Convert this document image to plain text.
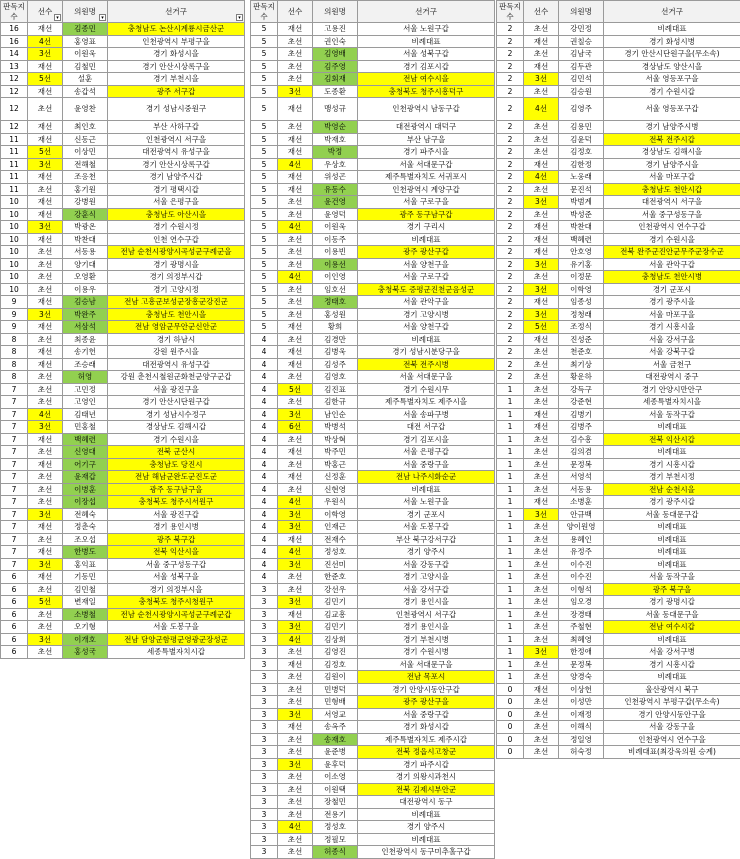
판독지수	선수
▾	의원명
▾	선거구
▾

16	재선	김종민	충청남도 논산시계룡시금산군
16	4선	홍영표	인천광역시 부평구을
14	3선	이원욱	경기 화성시을
13	재선	김철민	경기 안산시상록구을
12	5선	설훈	경기 부천시을
12	재선	송갑석	광주 서구갑
12	초선	윤영찬	경기 성남시중원구
12	재선	최인호	부산 사하구갑
11	재선	신동근	인천광역시 서구을
11	5선	이상민	대전광역시 유성구을
11	3선	전해철	경기 안산시상록구갑
11	재선	조응천	경기 남양주시갑
11	초선	홍기원	경기 평택시갑
10	재선	강병원	서울 은평구을
10	재선	강훈식	충청남도 아산시을
10	3선	박광온	경기 수원시정
10	재선	박찬대	인천 연수구갑
10	초선	서동용	전남 순천시광양시곡성군구례군을
10	초선	양기대	경기 광명시을
10	초선	오영환	경기 의정부시갑
10	초선	이용우	경기 고양시정
9	재선	김승남	전남 고흥군보성군장흥군강진군
9	3선	박완주	충청남도 천안시을
9	재선	서삼석	전남 영암군무안군신안군
8	초선	최종윤	경기 하남시
8	재선	송기헌	강원 원주시을
8	재선	조승래	대전광역시 유성구갑
8	초선	허영	강원 춘천시철원군화천군양구군갑
7	초선	고민정	서울 광진구을
7	초선	고영인	경기 안산시단원구갑
7	4선	김태년	경기 성남시수정구
7	3선	민홍철	경상남도 김해시갑
7	재선	백혜련	경기 수원시을
7	초선	신영대	전북 군산시
7	재선	어기구	충청남도 당진시
7	초선	윤재갑	전남 해남군완도군진도군
7	초선	이병훈	광주 동구남구을
7	초선	이장섭	충청북도 청주시서원구
7	3선	전혜숙	서울 광진구갑
7	재선	정춘숙	경기 용인시병
7	초선	조오섭	광주 북구갑
7	재선	한병도	전북 익산시을
7	3선	홍익표	서울 중구성동구갑
6	재선	기동민	서울 성북구을
6	초선	김민철	경기 의정부시을
6	5선	변재일	충청북도 청주시청원구
6	초선	소병철	전남 순천시광양시곡성군구례군갑
6	초선	오기형	서울 도봉구을
6	3선	이개호	전남 담양군함평군영광군장성군
6	초선	홍성국	세종특별자치시갑
판독지수	선수	의원명	선거구
5	재선	고용진	서울 노원구갑
5	초선	권인숙	비례대표
5	초선	김영배	서울 성북구갑
5	초선	김주영	경기 김포시갑
5	초선	김회재	전남 여수시을
5	3선	도종환	충청북도 청주시흥덕구
5	재선	맹성규	인천광역시 남동구갑
5	초선	박영순	대전광역시 대덕구
5	재선	박재호	부산 남구을
5	재선	박정	경기 파주시을
5	4선	우상호	서울 서대문구갑
5	재선	위성곤	제주특별자치도 서귀포시
5	재선	유동수	인천광역시 계양구갑
5	초선	윤건영	서울 구로구을
5	초선	윤영덕	광주 동구남구갑
5	4선	이원욱	경기 구리시
5	초선	이동주	비례대표
5	초선	이용빈	광주 광산구갑
5	초선	이용선	서울 양천구을
5	4선	이인영	서울 구로구갑
5	초선	임호선	충청북도 증평군진천군음성군
5	초선	정태호	서울 관악구을
5	초선	홍성원	경기 고양시병
5	재선	황희	서울 양천구갑
4	초선	김경만	비례대표
4	재선	김병욱	경기 성남시분당구을
4	재선	김성주	전북 전주시병
4	초선	김영호	서울 서대문구을
4	5선	김진표	경기 수원시무
4	초선	김한규	제주특별자치도 제주시을
4	3선	남인순	서울 송파구병
4	6선	박병석	대전 서구갑
4	초선	박상혁	경기 김포시을
4	재선	박주민	서울 은평구갑
4	초선	박홍근	서울 중랑구을
4	재선	신정훈	전남 나주시화순군
4	초선	신현영	비례대표
4	4선	우원식	서울 노원구을
4	3선	이학영	경기 군포시
4	3선	인재근	서울 도봉구갑
4	재선	전재수	부산 북구강서구갑
4	4선	정성호	경기 양주시
4	3선	진선미	서울 강동구갑
4	초선	한준호	경기 고양시을
3	초선	강선우	서울 강서구갑
3	3선	김민기	경기 용인시을
3	재선	김교흥	인천광역시 서구갑
3	3선	김민기	경기 용인시을
3	4선	김상희	경기 부천시병
3	초선	김영진	경기 수원시병
3	재선	김정호	서울 서대문구을
3	초선	김원이	전남 목포시
3	초선	민병덕	경기 안양시동안구갑
3	초선	민형배	광주 광산구을
3	3선	서영교	서울 중랑구갑
3	재선	송옥주	경기 화성시갑
3	초선	송재호	제주특별자치도 제주시갑
3	초선	윤준병	전북 정읍시고창군
3	3선	윤후덕	경기 파주시갑
3	초선	이소영	경기 의왕시과천시
3	초선	이원택	전북 김제시부안군
3	초선	장철민	대전광역시 동구
3	초선	전용기	비례대표
3	4선	정성호	경기 양주시
3	초선	정필모	비례대표
3	초선	허종식	인천광역시 동구미추홀구갑
판독지수	선수	의원명	선거구
2	초선	강민정	비례대표
2	재선	권칠승	경기 화성시병
2	초선	김남국	경기 안산시단원구을(무소속)
2	재선	김두관	경상남도 양산시을
2	3선	김민석	서울 영등포구을
2	초선	김승원	경기 수원시갑
2	4선	김영주	서울 영등포구갑
2	초선	김용민	경기 남양주시병
2	초선	김윤덕	전북 전주시갑
2	초선	김정호	경상남도 김해시을
2	재선	김한정	경기 남양주시을
2	4선	노웅래	서울 마포구갑
2	초선	문진석	충청남도 천안시갑
2	3선	박범계	대전광역시 서구을
2	초선	박성준	서울 중구성동구을
2	재선	박찬대	인천광역시 연수구갑
2	재선	백혜련	경기 수원시을
2	재선	안호영	전북 완주군진안군무주군장수군
2	3선	유기홍	서울 관악구갑
2	초선	이정문	충청남도 천안시병
2	3선	이학영	경기 군포시
2	재선	임종성	경기 광주시을
2	3선	정청래	서울 마포구을
2	5선	조정식	경기 시흥시을
2	재선	진성준	서울 강서구을
2	초선	천준호	서울 강북구갑
2	초선	최기상	서울 금천구
2	초선	황운하	대전광역시 중구
1	초선	강득구	경기 안양시만안구
1	초선	강준현	세종특별자치시을
1	재선	김병기	서울 동작구갑
1	재선	김병주	비례대표
1	초선	김수흥	전북 익산시갑
1	초선	김의겸	비례대표
1	초선	문정복	경기 시흥시갑
1	초선	서영석	경기 부천시정
1	초선	서동용	전남 순천시을
1	재선	소병훈	경기 광주시갑
1	3선	안규백	서울 동대문구갑
1	초선	양이원영	비례대표
1	초선	용혜인	비례대표
1	초선	유정주	비례대표
1	초선	이수진	비례대표
1	초선	이수진	서울 동작구을
1	초선	이형석	광주 북구을
1	초선	임오경	경기 광명시갑
1	초선	장경태	서울 동대문구을
1	초선	주철현	전남 여수시갑
1	초선	최혜영	비례대표
1	3선	한정애	서울 강서구병
1	초선	문정복	경기 시흥시갑
1	초선	양경숙	비례대표
0	재선	이상헌	울산광역시 북구
0	초선	이성만	인천광역시 부평구갑(무소속)
0	초선	이재정	경기 안양시동안구을
0	초선	이해식	서울 강동구을
0	초선	정일영	인천광역시 연수구을
0	초선	허숙정	비례대표(최강욱의원 승계)
